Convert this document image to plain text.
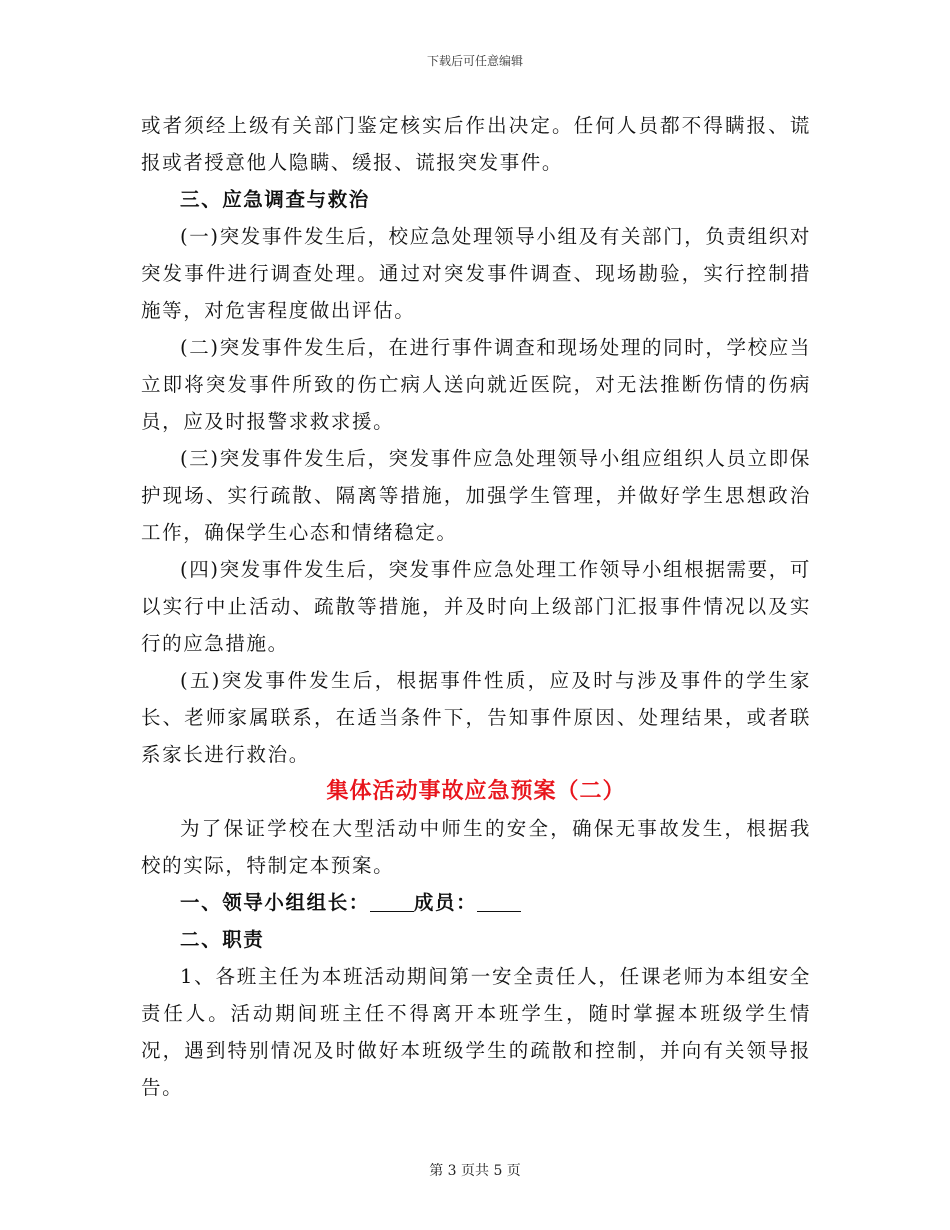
下载后可任意编辑

或者须经上级有关部门鉴定核实后作出决定。任何人员都不得瞒报、谎报或者授意他人隐瞒、缓报、谎报突发事件。

三、应急调查与救治

(一)突发事件发生后，校应急处理领导小组及有关部门，负责组织对突发事件进行调查处理。通过对突发事件调查、现场勘验，实行控制措施等，对危害程度做出评估。

(二)突发事件发生后，在进行事件调查和现场处理的同时，学校应当立即将突发事件所致的伤亡病人送向就近医院，对无法推断伤情的伤病员，应及时报警求救求援。

(三)突发事件发生后，突发事件应急处理领导小组应组织人员立即保护现场、实行疏散、隔离等措施，加强学生管理，并做好学生思想政治工作，确保学生心态和情绪稳定。

(四)突发事件发生后，突发事件应急处理工作领导小组根据需要，可以实行中止活动、疏散等措施，并及时向上级部门汇报事件情况以及实行的应急措施。

(五)突发事件发生后，根据事件性质，应及时与涉及事件的学生家长、老师家属联系，在适当条件下，告知事件原因、处理结果，或者联系家长进行救治。

集体活动事故应急预案（二）

为了保证学校在大型活动中师生的安全，确保无事故发生，根据我校的实际，特制定本预案。

一、领导小组组长： 成员：

二、职责

1、各班主任为本班活动期间第一安全责任人，任课老师为本组安全责任人。活动期间班主任不得离开本班学生，随时掌握本班级学生情况，遇到特别情况及时做好本班级学生的疏散和控制，并向有关领导报告。

第 3 页共 5 页
